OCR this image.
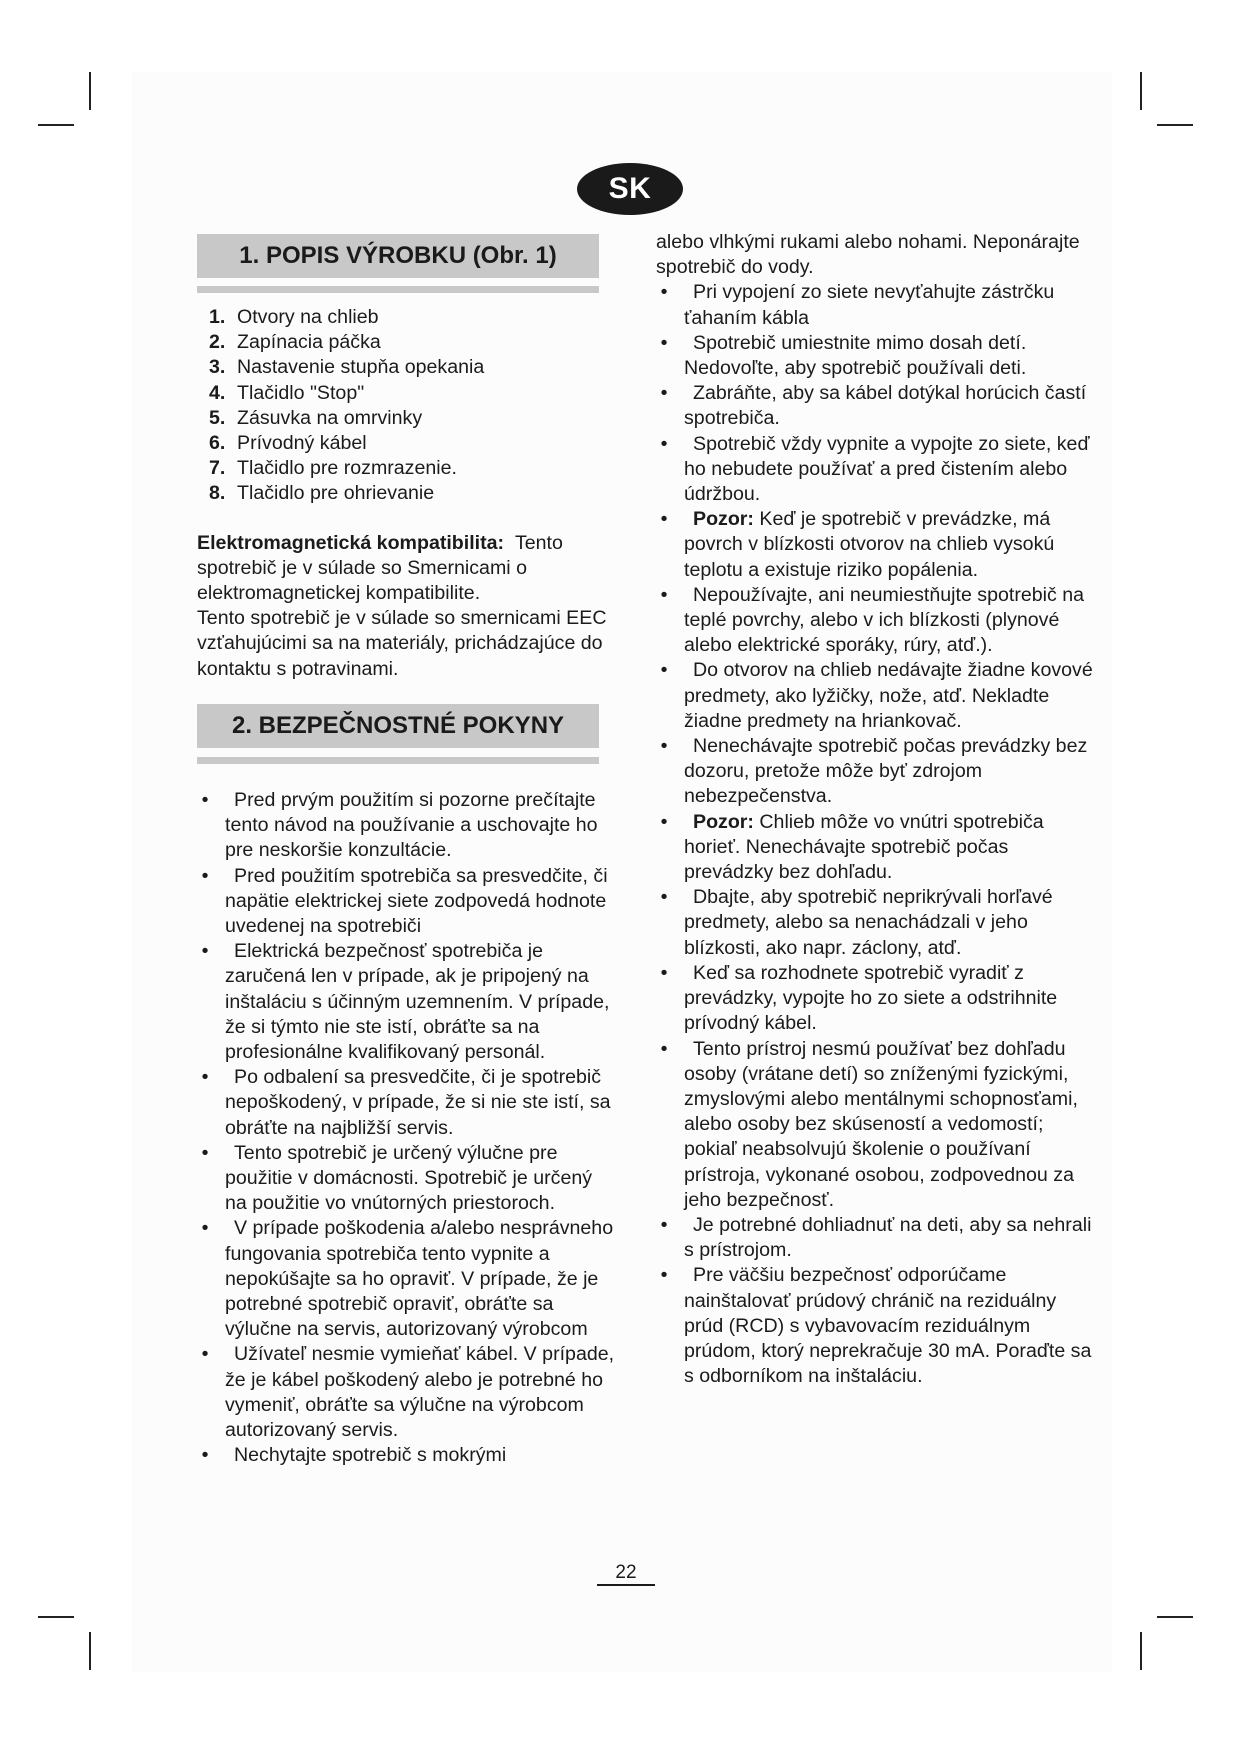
SK
1. POPIS VÝROBKU (Obr. 1)
1. Otvory na chlieb
2. Zapínacia páčka
3. Nastavenie stupňa opekania
4. Tlačidlo "Stop"
5. Zásuvka na omrvinky
6. Prívodný kábel
7. Tlačidlo pre rozmrazenie.
8. Tlačidlo pre ohrievanie

Elektromagnetická kompatibilita: Tento spotrebič je v súlade so Smernicami o elektromagnetickej kompatibilite.

Tento spotrebič je v súlade so smernicami EEC vzťahujúcimi sa na materiály, prichádzajúce do kontaktu s potravinami.

2. BEZPEČNOSTNÉ POKYNY
• Pred prvým použitím si pozorne prečítajte tento návod na používanie a uschovajte ho pre neskoršie konzultácie.
• Pred použitím spotrebiča sa presvedčite, či napätie elektrickej siete zodpovedá hodnote uvedenej na spotrebiči
• Elektrická bezpečnosť spotrebiča je zaručená len v prípade, ak je pripojený na inštaláciu s účinným uzemnením. V prípade, že si týmto nie ste istí, obráťte sa na profesionálne kvalifikovaný personál.
• Po odbalení sa presvedčite, či je spotrebič nepoškodený, v prípade, že si nie ste istí, sa obráťte na najbližší servis.
• Tento spotrebič je určený výlučne pre použitie v domácnosti. Spotrebič je určený na použitie vo vnútorných priestoroch.
• V prípade poškodenia a/alebo nesprávneho fungovania spotrebiča tento vypnite a nepokúšajte sa ho opraviť. V prípade, že je potrebné spotrebič opraviť, obráťte sa výlučne na servis, autorizovaný výrobcom
• Užívateľ nesmie vymieňať kábel. V prípade, že je kábel poškodený alebo je potrebné ho vymeniť, obráťte sa výlučne na výrobcom autorizovaný servis.
• Nechytajte spotrebič s mokrými

alebo vlhkými rukami alebo nohami. Neponárajte spotrebič do vody.

• Pri vypojení zo siete nevyťahujte zástrčku ťahaním kábla
• Spotrebič umiestnite mimo dosah detí. Nedovoľte, aby spotrebič používali deti.
• Zabráňte, aby sa kábel dotýkal horúcich častí spotrebiča.
• Spotrebič vždy vypnite a vypojte zo siete, keď ho nebudete používať a pred čistením alebo údržbou.
• Pozor: Keď je spotrebič v prevádzke, má povrch v blízkosti otvorov na chlieb vysokú teplotu a existuje riziko popálenia.
• Nepoužívajte, ani neumiestňujte spotrebič na teplé povrchy, alebo v ich blízkosti (plynové alebo elektrické sporáky, rúry, atď.).
• Do otvorov na chlieb nedávajte žiadne kovové predmety, ako lyžičky, nože, atď. Nekladte žiadne predmety na hriankovač.
• Nenechávajte spotrebič počas prevádzky bez dozoru, pretože môže byť zdrojom nebezpečenstva.
• Pozor: Chlieb môže vo vnútri spotrebiča horieť. Nenechávajte spotrebič počas prevádzky bez dohľadu.
• Dbajte, aby spotrebič neprikrývali horľavé predmety, alebo sa nenachádzali v jeho blízkosti, ako napr. záclony, atď.
• Keď sa rozhodnete spotrebič vyradiť z prevádzky, vypojte ho zo siete a odstrihnite prívodný kábel.
• Tento prístroj nesmú používať bez dohľadu osoby (vrátane detí) so zníženými fyzickými, zmyslovými alebo mentálnymi schopnosťami, alebo osoby bez skúseností a vedomostí; pokiaľ neabsolvujú školenie o používaní prístroja, vykonané osobou, zodpovednou za jeho bezpečnosť.
• Je potrebné dohliadnuť na deti, aby sa nehrali s prístrojom.
• Pre väčšiu bezpečnosť odporúčame nainštalovať prúdový chránič na reziduálny prúd (RCD) s vybavovacím reziduálnym prúdom, ktorý neprekračuje 30 mA. Poraďte sa s odborníkom na inštaláciu.
22
